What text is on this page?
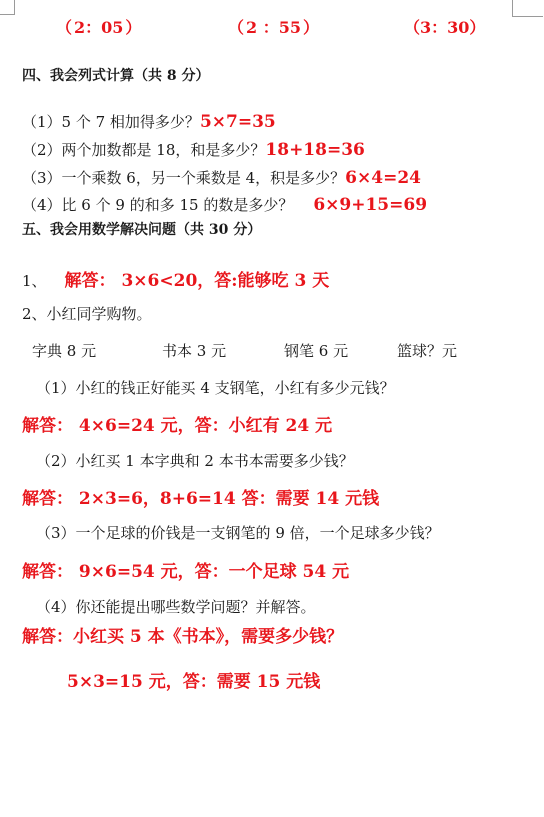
（ 2：05 ）	（ 2 ：55 ）	（3：30）
四、我会列式计算（共 8 分）
（1）5 个 7 相加得多少？5×7=35
（2）两个加数都是 18，和是多少？18+18=36
（3）一个乘数 6，另一个乘数是 4，积是多少？6×4=24
（4）比 6 个 9 的和多 15 的数是多少？ 6×9+15=69
五、我会用数学解决问题（共 30 分）
1、 解答： 3×6<20，答:能够吃 3 天
2、小红同学购物。
字典 8 元	书本 3 元	钢笔 6 元	篮球？元
（1）小红的钱正好能买 4 支钢笔，小红有多少元钱？
解答： 4×6=24 元，答：小红有 24 元
（2）小红买 1 本字典和 2 本书本需要多少钱？
解答： 2×3=6，8+6=14 答：需要 14 元钱
（3）一个足球的价钱是一支钢笔的 9 倍，一个足球多少钱？
解答： 9×6=54 元，答：一个足球 54 元
（4）你还能提出哪些数学问题？并解答。
解答：小红买 5 本《书本》，需要多少钱？
5×3=15 元，答：需要 15 元钱
